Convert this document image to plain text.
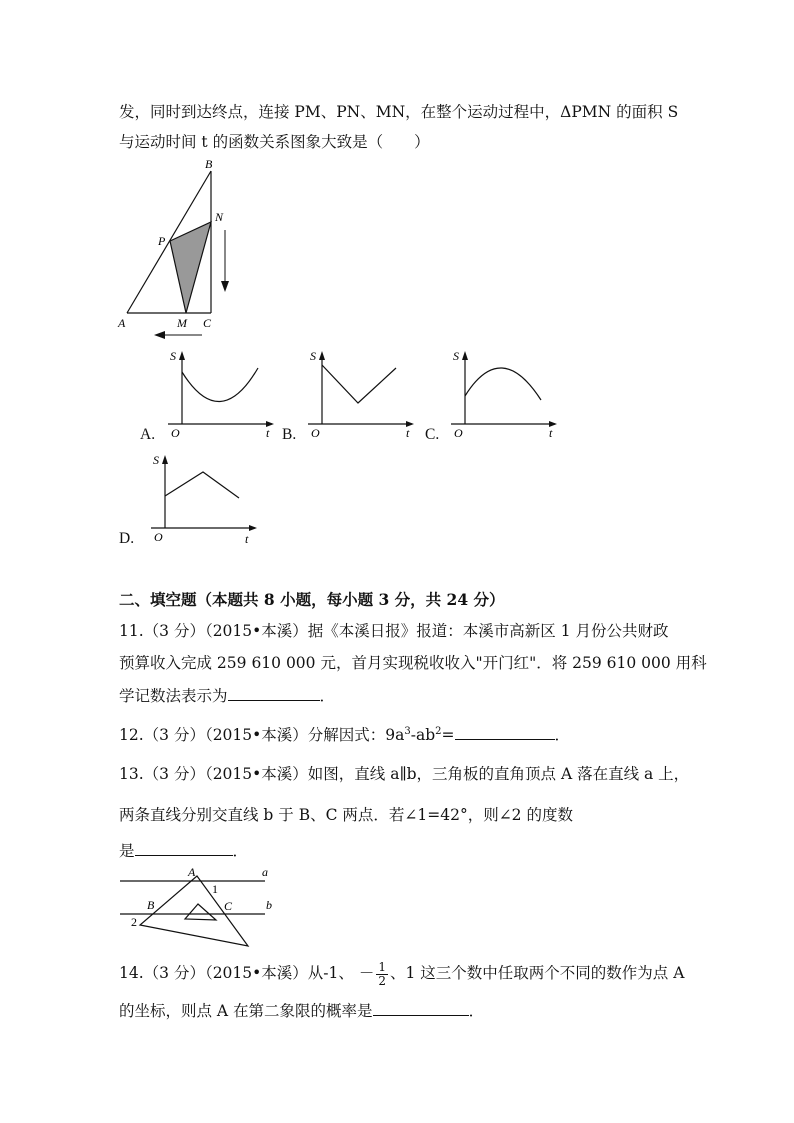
发，同时到达终点，连接 PM、PN、MN，在整个运动过程中，ΔPMN 的面积 S
与运动时间 t 的函数关系图象大致是（　　）
B
N
P
A	M C
S
O	t
A.
S
O	t
B.
S
O	t
C.
S
O	t
D.
二、填空题（本题共 8 小题，每小题 3 分，共 24 分）
11.（3 分）（2015•本溪）据《本溪日报》报道：本溪市高新区 1 月份公共财政
预算收入完成 259 610 000 元，首月实现税收收入"开门红"．将 259 610 000 用科
学记数法表示为	．
12.（3 分）（2015•本溪）分解因式：$9a^3-ab^2=$	．
13.（3 分）（2015•本溪）如图，直线 a∥b，三角板的直角顶点 A 落在直线 a 上，
两条直线分别交直线 b 于 B、C 两点．若∠1=42°，则∠2 的度数
是	．
A	a
1
B	C	b
2
14.（3 分）（2015•本溪）从-1、 － $\frac{1}{2}$ 、1 这三个数中任取两个不同的数作为点 A
的坐标，则点 A 在第二象限的概率是	．
